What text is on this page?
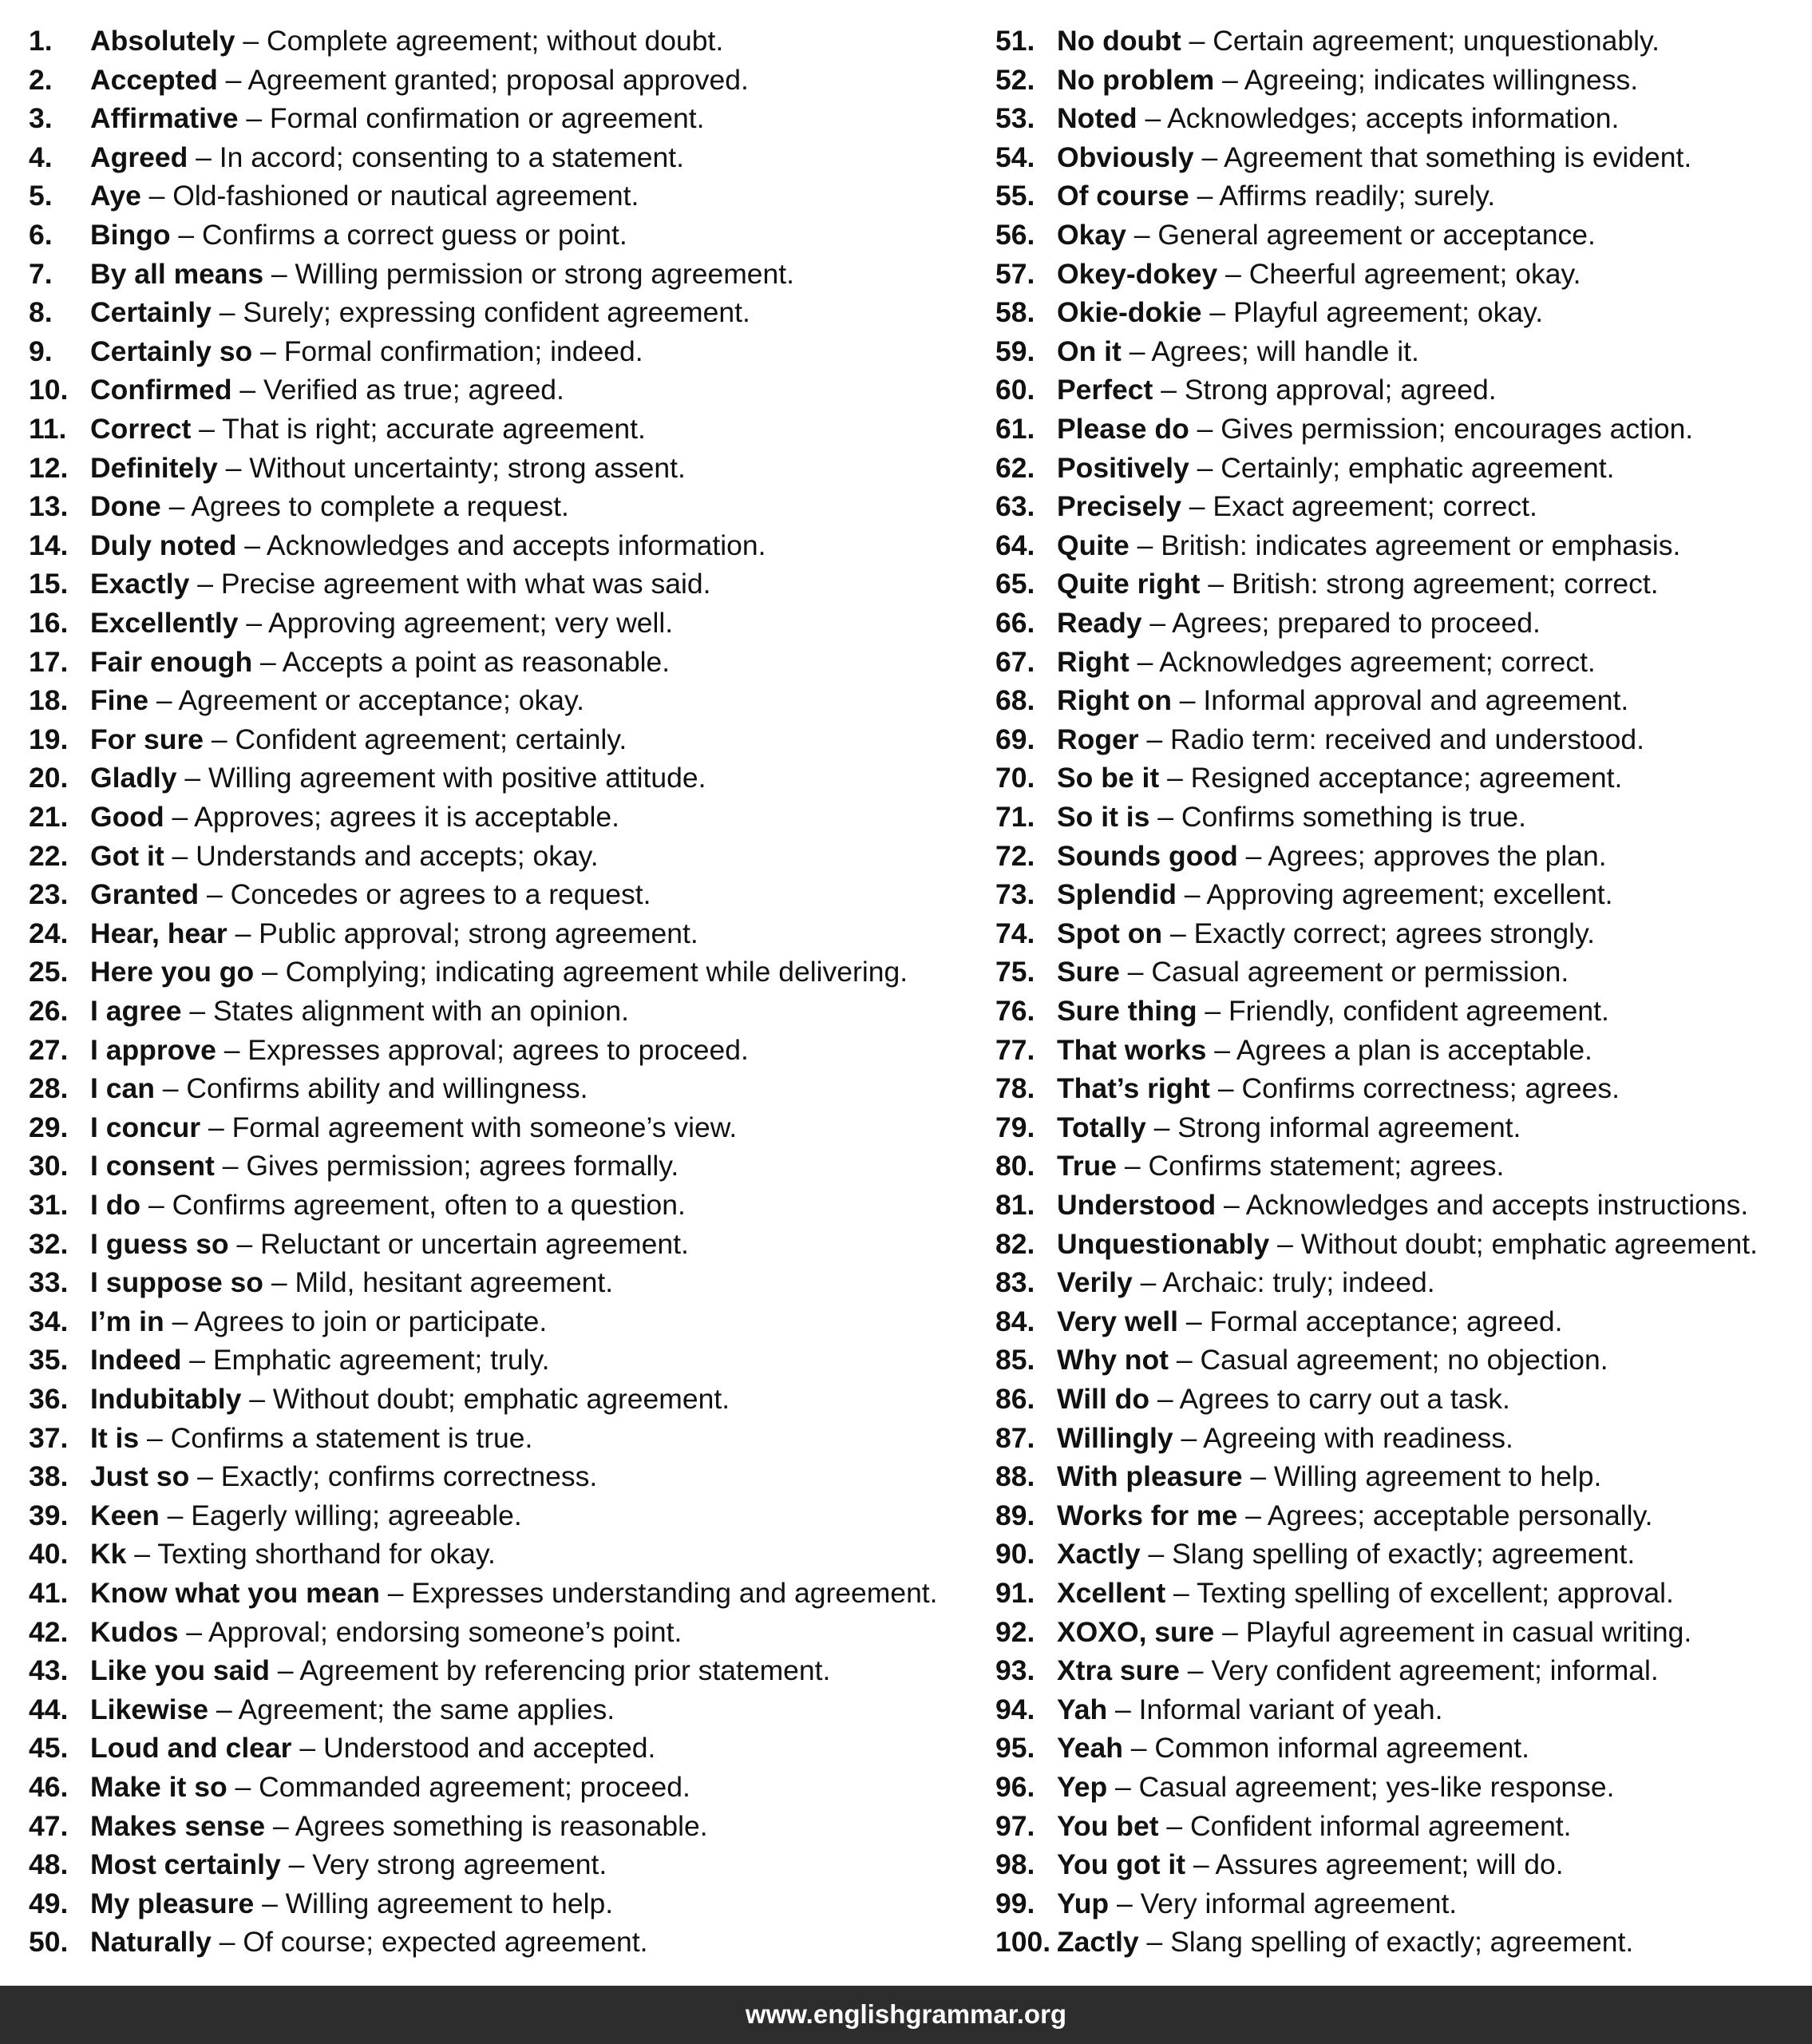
1. Absolutely – Complete agreement; without doubt.
2. Accepted – Agreement granted; proposal approved.
3. Affirmative – Formal confirmation or agreement.
4. Agreed – In accord; consenting to a statement.
5. Aye – Old-fashioned or nautical agreement.
6. Bingo – Confirms a correct guess or point.
7. By all means – Willing permission or strong agreement.
8. Certainly – Surely; expressing confident agreement.
9. Certainly so – Formal confirmation; indeed.
10. Confirmed – Verified as true; agreed.
11. Correct – That is right; accurate agreement.
12. Definitely – Without uncertainty; strong assent.
13. Done – Agrees to complete a request.
14. Duly noted – Acknowledges and accepts information.
15. Exactly – Precise agreement with what was said.
16. Excellently – Approving agreement; very well.
17. Fair enough – Accepts a point as reasonable.
18. Fine – Agreement or acceptance; okay.
19. For sure – Confident agreement; certainly.
20. Gladly – Willing agreement with positive attitude.
21. Good – Approves; agrees it is acceptable.
22. Got it – Understands and accepts; okay.
23. Granted – Concedes or agrees to a request.
24. Hear, hear – Public approval; strong agreement.
25. Here you go – Complying; indicating agreement while delivering.
26. I agree – States alignment with an opinion.
27. I approve – Expresses approval; agrees to proceed.
28. I can – Confirms ability and willingness.
29. I concur – Formal agreement with someone’s view.
30. I consent – Gives permission; agrees formally.
31. I do – Confirms agreement, often to a question.
32. I guess so – Reluctant or uncertain agreement.
33. I suppose so – Mild, hesitant agreement.
34. I’m in – Agrees to join or participate.
35. Indeed – Emphatic agreement; truly.
36. Indubitably – Without doubt; emphatic agreement.
37. It is – Confirms a statement is true.
38. Just so – Exactly; confirms correctness.
39. Keen – Eagerly willing; agreeable.
40. Kk – Texting shorthand for okay.
41. Know what you mean – Expresses understanding and agreement.
42. Kudos – Approval; endorsing someone’s point.
43. Like you said – Agreement by referencing prior statement.
44. Likewise – Agreement; the same applies.
45. Loud and clear – Understood and accepted.
46. Make it so – Commanded agreement; proceed.
47. Makes sense – Agrees something is reasonable.
48. Most certainly – Very strong agreement.
49. My pleasure – Willing agreement to help.
50. Naturally – Of course; expected agreement.
51. No doubt – Certain agreement; unquestionably.
52. No problem – Agreeing; indicates willingness.
53. Noted – Acknowledges; accepts information.
54. Obviously – Agreement that something is evident.
55. Of course – Affirms readily; surely.
56. Okay – General agreement or acceptance.
57. Okey-dokey – Cheerful agreement; okay.
58. Okie-dokie – Playful agreement; okay.
59. On it – Agrees; will handle it.
60. Perfect – Strong approval; agreed.
61. Please do – Gives permission; encourages action.
62. Positively – Certainly; emphatic agreement.
63. Precisely – Exact agreement; correct.
64. Quite – British: indicates agreement or emphasis.
65. Quite right – British: strong agreement; correct.
66. Ready – Agrees; prepared to proceed.
67. Right – Acknowledges agreement; correct.
68. Right on – Informal approval and agreement.
69. Roger – Radio term: received and understood.
70. So be it – Resigned acceptance; agreement.
71. So it is – Confirms something is true.
72. Sounds good – Agrees; approves the plan.
73. Splendid – Approving agreement; excellent.
74. Spot on – Exactly correct; agrees strongly.
75. Sure – Casual agreement or permission.
76. Sure thing – Friendly, confident agreement.
77. That works – Agrees a plan is acceptable.
78. That’s right – Confirms correctness; agrees.
79. Totally – Strong informal agreement.
80. True – Confirms statement; agrees.
81. Understood – Acknowledges and accepts instructions.
82. Unquestionably – Without doubt; emphatic agreement.
83. Verily – Archaic: truly; indeed.
84. Very well – Formal acceptance; agreed.
85. Why not – Casual agreement; no objection.
86. Will do – Agrees to carry out a task.
87. Willingly – Agreeing with readiness.
88. With pleasure – Willing agreement to help.
89. Works for me – Agrees; acceptable personally.
90. Xactly – Slang spelling of exactly; agreement.
91. Xcellent – Texting spelling of excellent; approval.
92. XOXO, sure – Playful agreement in casual writing.
93. Xtra sure – Very confident agreement; informal.
94. Yah – Informal variant of yeah.
95. Yeah – Common informal agreement.
96. Yep – Casual agreement; yes-like response.
97. You bet – Confident informal agreement.
98. You got it – Assures agreement; will do.
99. Yup – Very informal agreement.
100. Zactly – Slang spelling of exactly; agreement.
www.englishgrammar.org
